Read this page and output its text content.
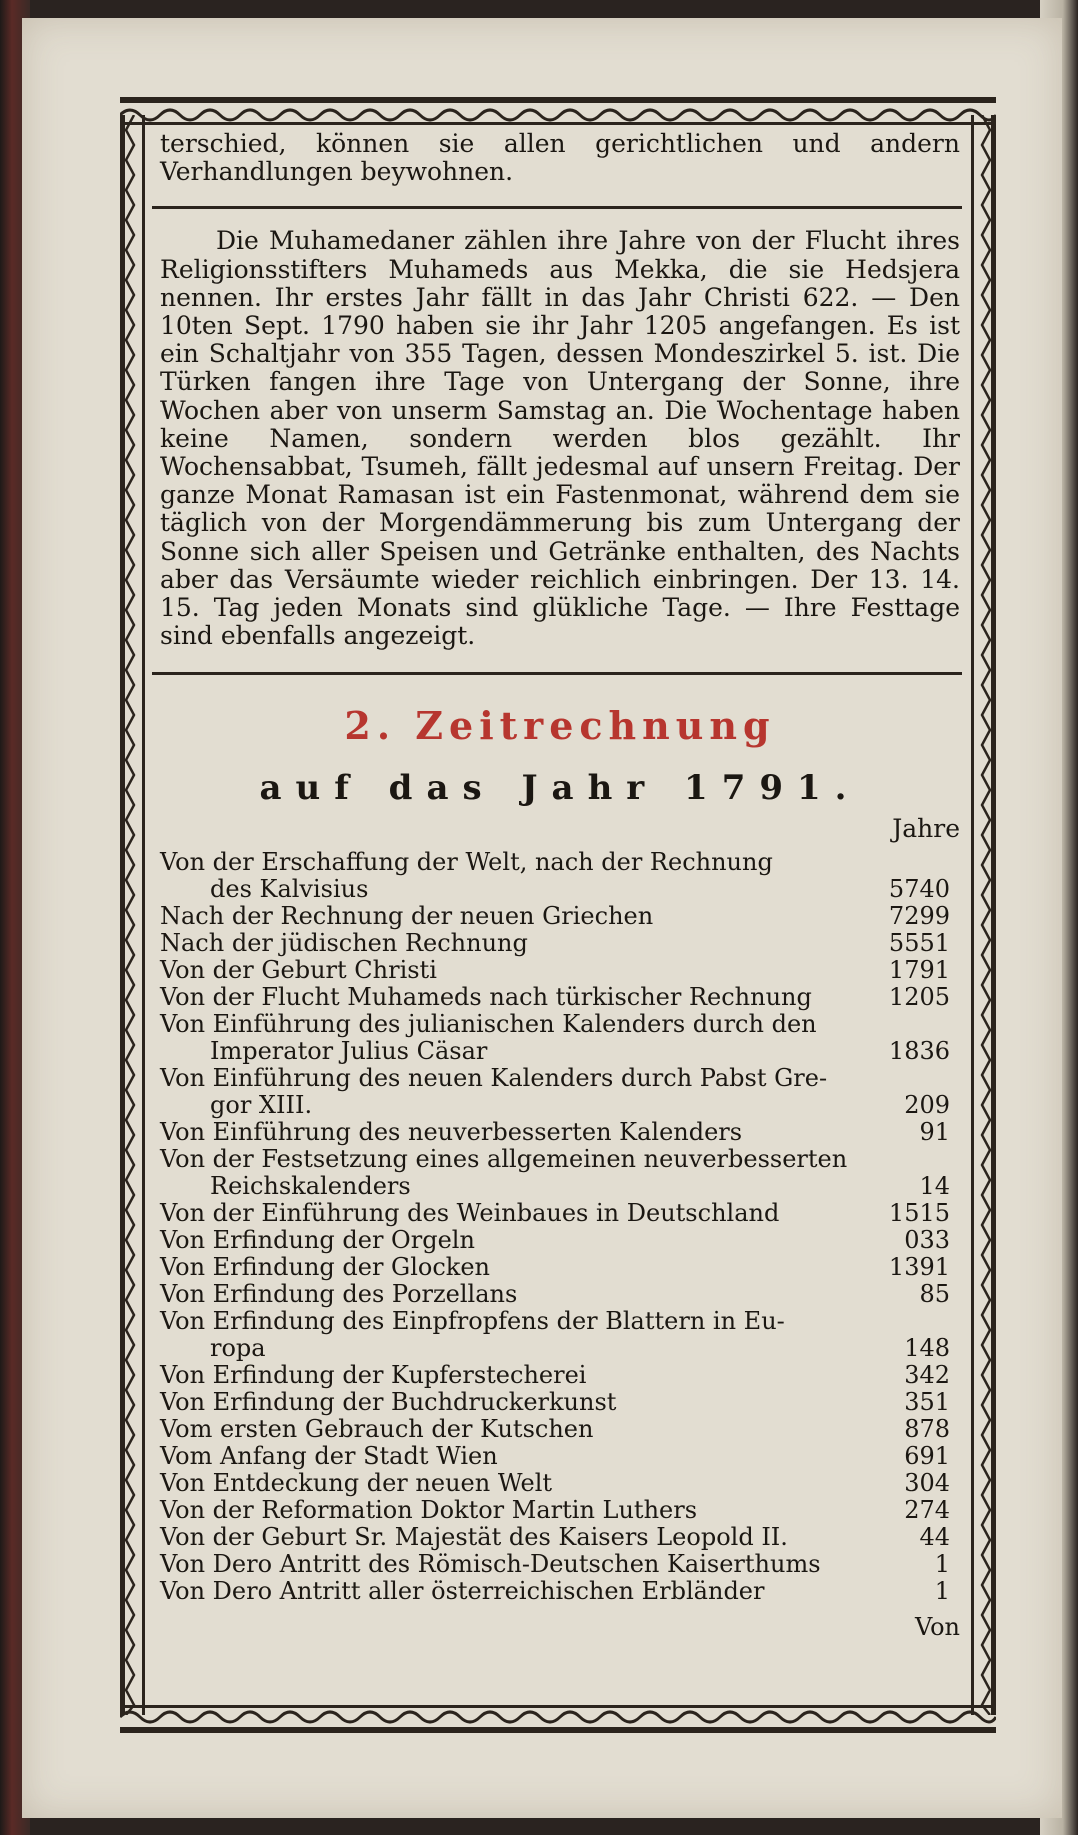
terschied, können sie allen gerichtlichen und andern Verhandlungen beywohnen.

Die Muhamedaner zählen ihre Jahre von der Flucht ihres Religionsstifters Muhameds aus Mekka, die sie Hedsjera nennen. Ihr erstes Jahr fällt in das Jahr Christi 622. — Den 10ten Sept. 1790 haben sie ihr Jahr 1205 angefangen. Es ist ein Schaltjahr von 355 Tagen, dessen Mondeszirkel 5. ist. Die Türken fangen ihre Tage von Untergang der Sonne, ihre Wochen aber von unserm Samstag an. Die Wochentage haben keine Namen, sondern werden blos gezählt. Ihr Wochensabbat, Tsumeh, fällt jedesmal auf unsern Freitag. Der ganze Monat Ramasan ist ein Fastenmonat, während dem sie täglich von der Morgendämmerung bis zum Untergang der Sonne sich aller Speisen und Getränke enthalten, des Nachts aber das Versäumte wieder reichlich einbringen. Der 13. 14. 15. Tag jeden Monats sind glükliche Tage. — Ihre Festtage sind ebenfalls angezeigt.

2. Zeitrechnung
auf das Jahr 1791.
Jahre
Von der Erschaffung der Welt, nach der Rechnung
des Kalvisius	5740
Nach der Rechnung der neuen Griechen	7299
Nach der jüdischen Rechnung	5551
Von der Geburt Christi	1791
Von der Flucht Muhameds nach türkischer Rechnung	1205
Von Einführung des julianischen Kalenders durch den
Imperator Julius Cäsar	1836
Von Einführung des neuen Kalenders durch Pabst Gre-
gor XIII.	209
Von Einführung des neuverbesserten Kalenders	91
Von der Festsetzung eines allgemeinen neuverbesserten
Reichskalenders	14
Von der Einführung des Weinbaues in Deutschland	1515
Von Erfindung der Orgeln	033
Von Erfindung der Glocken	1391
Von Erfindung des Porzellans	85
Von Erfindung des Einpfropfens der Blattern in Eu-
ropa	148
Von Erfindung der Kupferstecherei	342
Von Erfindung der Buchdruckerkunst	351
Vom ersten Gebrauch der Kutschen	878
Vom Anfang der Stadt Wien	691
Von Entdeckung der neuen Welt	304
Von der Reformation Doktor Martin Luthers	274
Von der Geburt Sr. Majestät des Kaisers Leopold II.	44
Von Dero Antritt des Römisch-Deutschen Kaiserthums	1
Von Dero Antritt aller österreichischen Erbländer	1
Von
